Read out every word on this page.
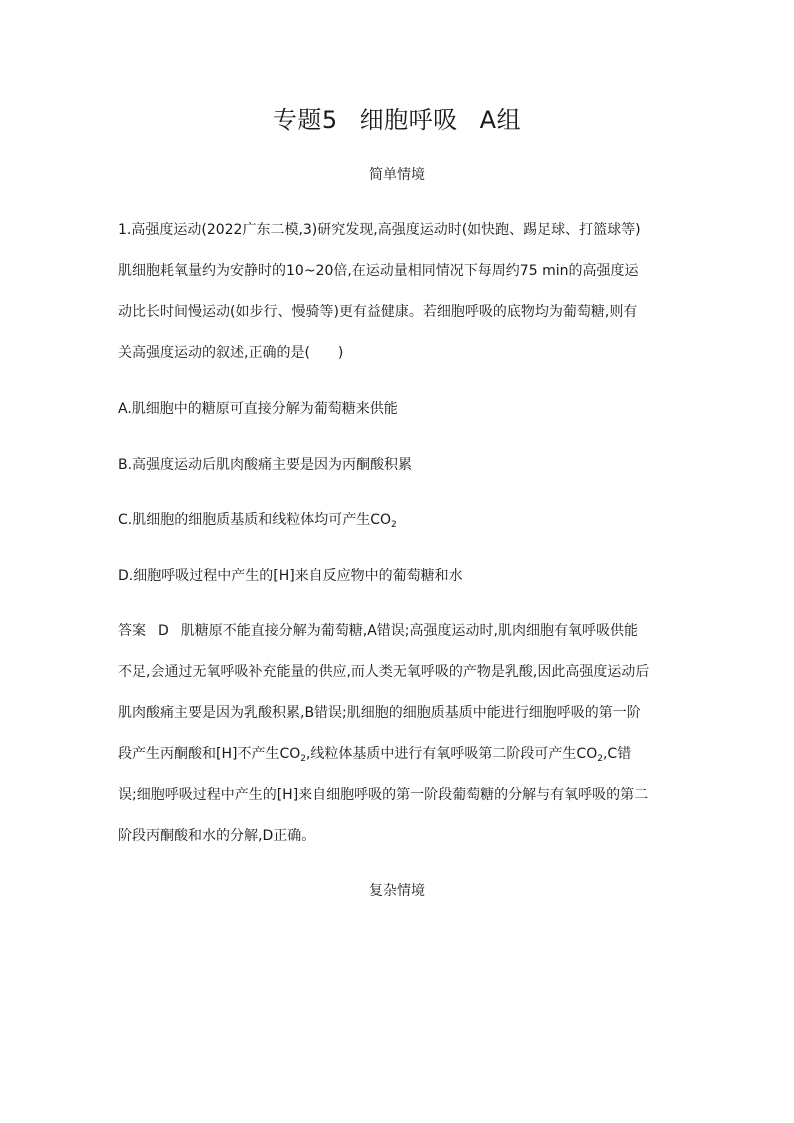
专题5 细胞呼吸 A组
简单情境
1.高强度运动(2022广东二模,3)研究发现,高强度运动时(如快跑、踢足球、打篮球等)
肌细胞耗氧量约为安静时的10~20倍,在运动量相同情况下每周约75 min的高强度运
动比长时间慢运动(如步行、慢骑等)更有益健康。若细胞呼吸的底物均为葡萄糖,则有
关高强度运动的叙述,正确的是(　　)
A.肌细胞中的糖原可直接分解为葡萄糖来供能
B.高强度运动后肌肉酸痛主要是因为丙酮酸积累
C.肌细胞的细胞质基质和线粒体均可产生$CO_2$
D.细胞呼吸过程中产生的[H]来自反应物中的葡萄糖和水
答案 D 肌糖原不能直接分解为葡萄糖,A错误;高强度运动时,肌肉细胞有氧呼吸供能
不足,会通过无氧呼吸补充能量的供应,而人类无氧呼吸的产物是乳酸,因此高强度运动后
肌肉酸痛主要是因为乳酸积累,B错误;肌细胞的细胞质基质中能进行细胞呼吸的第一阶
段产生丙酮酸和[H]不产生$CO_2$,线粒体基质中进行有氧呼吸第二阶段可产生$CO_2,C$错
误;细胞呼吸过程中产生的[H]来自细胞呼吸的第一阶段葡萄糖的分解与有氧呼吸的第二
阶段丙酮酸和水的分解,D正确。
复杂情境
